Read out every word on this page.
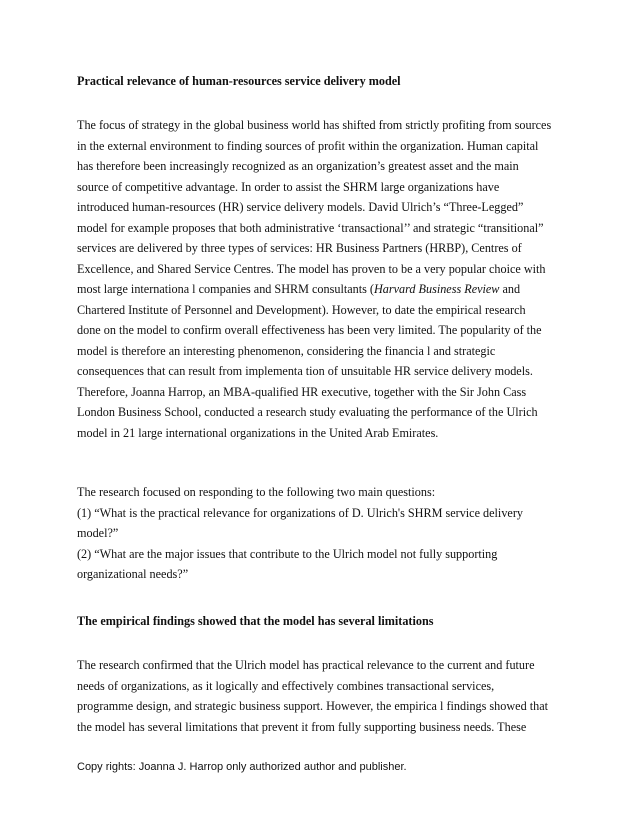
Practical relevance of human-resources service delivery model
The focus of strategy in the global business world has shifted from strictly profiting from sources
in the external environment to finding sources of profit within the organization. Human capital
has therefore been increasingly recognized as an organization’s greatest asset and the main
source of competitive advantage. In order to assist the SHRM large organizations have
introduced human-resources (HR) service delivery models. David Ulrich’s “Three-Legged”
model for example proposes that both administrative ‘transactional’’ and strategic “transitional”
services are delivered by three types of services: HR Business Partners (HRBP), Centres of
Excellence, and Shared Service Centres. The model has proven to be a very popular choice with
most large internationa l companies and SHRM consultants (Harvard Business Review and
Chartered Institute of Personnel and Development). However, to date the empirical research
done on the model to confirm overall effectiveness has been very limited. The popularity of the
model is therefore an interesting phenomenon, considering the financia l and strategic
consequences that can result from implementa tion of unsuitable HR service delivery models.
Therefore, Joanna Harrop, an MBA-qualified HR executive, together with the Sir John Cass
London Business School, conducted a research study evaluating the performance of the Ulrich
model in 21 large international organizations in the United Arab Emirates.
The research focused on responding to the following two main questions:
(1) “What is the practical relevance for organizations of D. Ulrich's SHRM service delivery
model?”
(2) “What are the major issues that contribute to the Ulrich model not fully supporting
organizational needs?”
The empirical findings showed that the model has several limitations
The research confirmed that the Ulrich model has practical relevance to the current and future
needs of organizations, as it logically and effectively combines transactional services,
programme design, and strategic business support. However, the empirica l findings showed that
the model has several limitations that prevent it from fully supporting business needs. These
Copy rights: Joanna J. Harrop only authorized author and publisher.
